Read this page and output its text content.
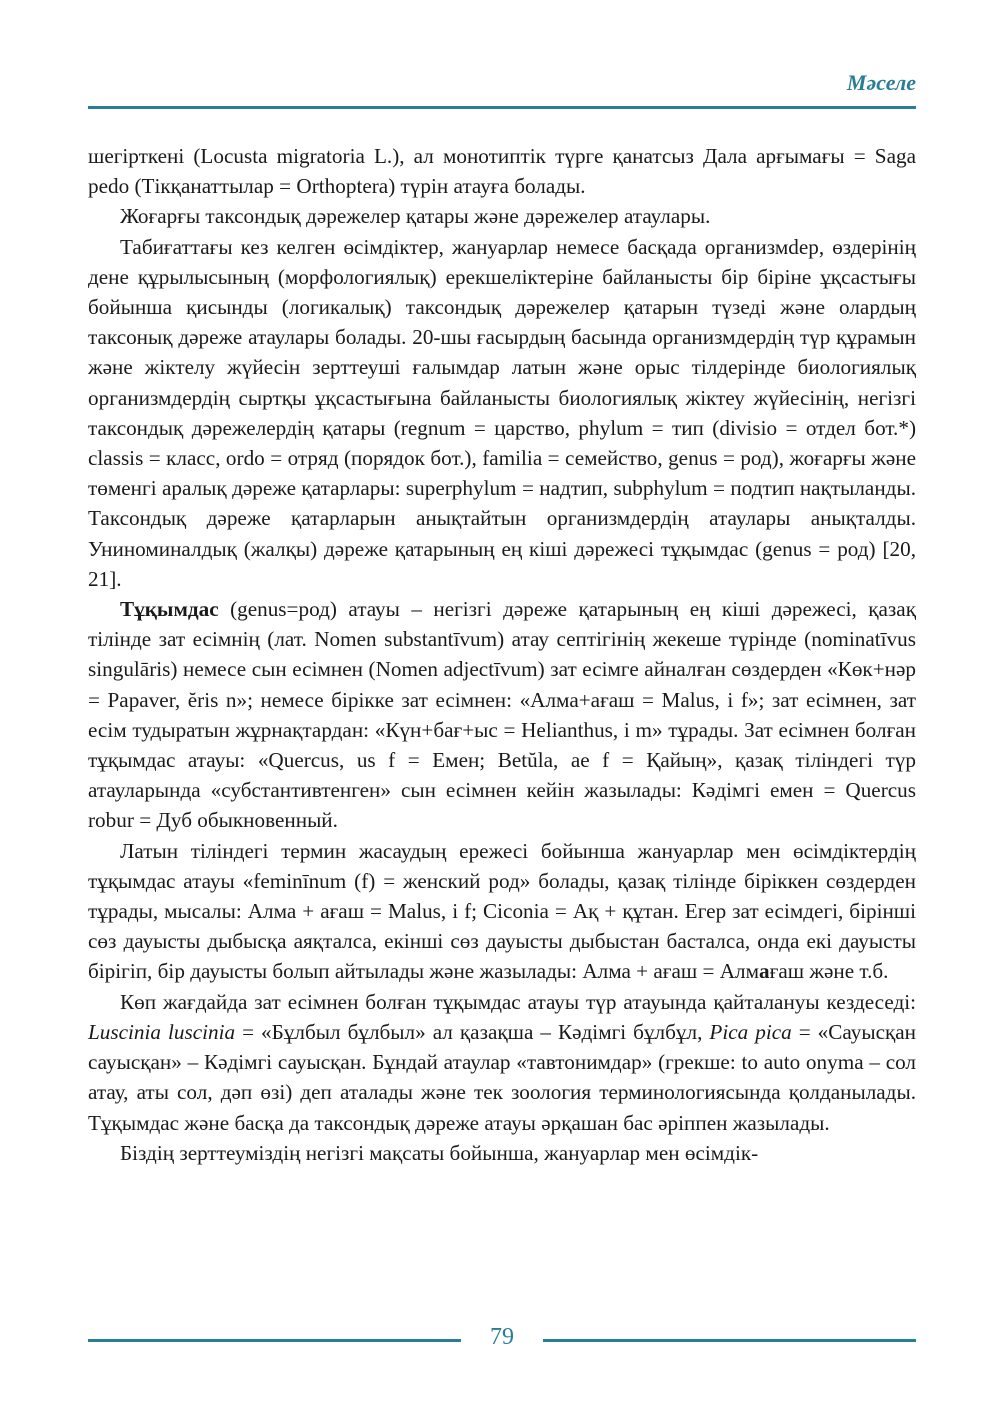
Мәселе

шегірткені (Locusta migratoria L.), ал монотиптік түрге қанатсыз Дала арғымағы = Saga pedo (Тікқанаттылар = Orthoptera) түрін атауға болады.

Жоғарғы таксондық дәрежелер қатары және дәрежелер атаулары.

Табиғаттағы кез келген өсімдіктер, жануарлар немесе басқада организмdер, өздерінің дене құрылысының (морфологиялық) ерекшеліктеріне байланысты бір біріне ұқсастығы бойынша қисынды (логикалық) таксондық дәрежелер қатарын түзеді және олардың таксонық дәреже атаулары болады. 20-шы ғасырдың басында организмдердің түр құрамын және жіктелу жүйесін зерттеуші ғалымдар латын және орыс тілдерінде биологиялық организмдердің сыртқы ұқсастығына байланысты биологиялық жіктеу жүйесінің, негізгі таксондық дәрежелердің қатары (regnum = царство, phylum = тип (divisio = отдел бот.*) classis = класс, ordo = отряд (порядок бот.), familia = семейство, genus = род), жоғарғы және төменгі аралық дәреже қатарлары: superphylum = надтип, subphylum = подтип нақтыланды. Таксондық дәреже қатарларын анықтайтын организмдердің атаулары анықталды. Униноминалдық (жалқы) дәреже қатарының ең кіші дәрежесі тұқымдас (genus = род) [20, 21].

Тұқымдас (genus=род) атауы – негізгі дәреже қатарының ең кіші дәрежесі, қазақ тілінде зат есімнің (лат. Nomen substantīvum) атау септігінің жекеше түрінде (nominatīvus singulāris) немесе сын есімнен (Nomen adjectīvum) зат есімге айналған сөздерден «Көк+нәр = Papaver, ĕris n»; немесе бірікке зат есімнен: «Алма+ағаш = Malus, i f»; зат есімнен, зат есім тудыратын жұрнақтардан: «Күн+бағ+ыс = Helianthus, i m» тұрады. Зат есімнен болған тұқымдас атауы: «Quercus, us f = Емен; Betŭla, ae f = Қайың», қазақ тіліндегі түр атауларында «субстантивтенген» сын есімнен кейін жазылады: Кәдімгі емен = Quercus robur = Дуб обыкновенный.

Латын тіліндегі термин жасаудың ережесі бойынша жануарлар мен өсімдіктердің тұқымдас атауы «feminīnum (f) = женский род» болады, қазақ тілінде біріккен сөздерден тұрады, мысалы: Алма + ағаш = Malus, i f; Ciconia = Ақ + құтан. Егер зат есімдегі, бірінші сөз дауысты дыбысқа аяқталса, екінші сөз дауысты дыбыстан басталса, онда екі дауысты бірігіп, бір дауысты болып айтылады және жазылады: Алма + ағаш = Алмағаш және т.б.

Көп жағдайда зат есімнен болған тұқымдас атауы түр атауында қайталануы кездеседі: Luscinia luscinia = «Бұлбыл бұлбыл» ал қазақша – Кәдімгі бұлбұл, Pica pica = «Сауысқан сауысқан» – Кәдімгі сауысқан. Бұндай атаулар «тавтонимдар» (грекше: to auto onyma – сол атау, аты сол, дәп өзі) деп аталады және тек зоология терминологиясында қолданылады. Тұқымдас және басқа да таксондық дәреже атауы әрқашан бас әріппен жазылады.

Біздің зерттеуміздің негізгі мақсаты бойынша, жануарлар мен өсімдік-

79
